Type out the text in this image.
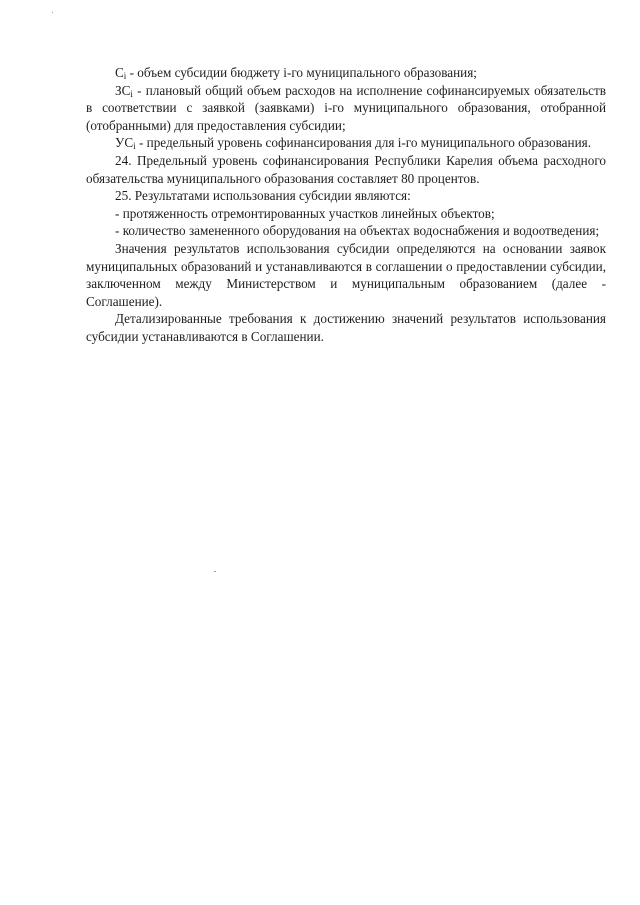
$C_i$ - объем субсидии бюджету i-го муниципального образования;

$ЗС_i$ - плановый общий объем расходов на исполнение софинансируемых обязательств в соответствии с заявкой (заявками) i-го муниципального образования, отобранной (отобранными) для предоставления субсидии;

$УС_i$ - предельный уровень софинансирования для i-го муниципального образования.

24. Предельный уровень софинансирования Республики Карелия объема расходного обязательства муниципального образования составляет 80 процентов.

25. Результатами использования субсидии являются:

- протяженность отремонтированных участков линейных объектов;

- количество замененного оборудования на объектах водоснабжения и водоотведения;

Значения результатов использования субсидии определяются на основании заявок муниципальных образований и устанавливаются в соглашении о предоставлении субсидии, заключенном между Министерством и муниципальным образованием (далее - Соглашение).

Детализированные требования к достижению значений результатов использования субсидии устанавливаются в Соглашении.
